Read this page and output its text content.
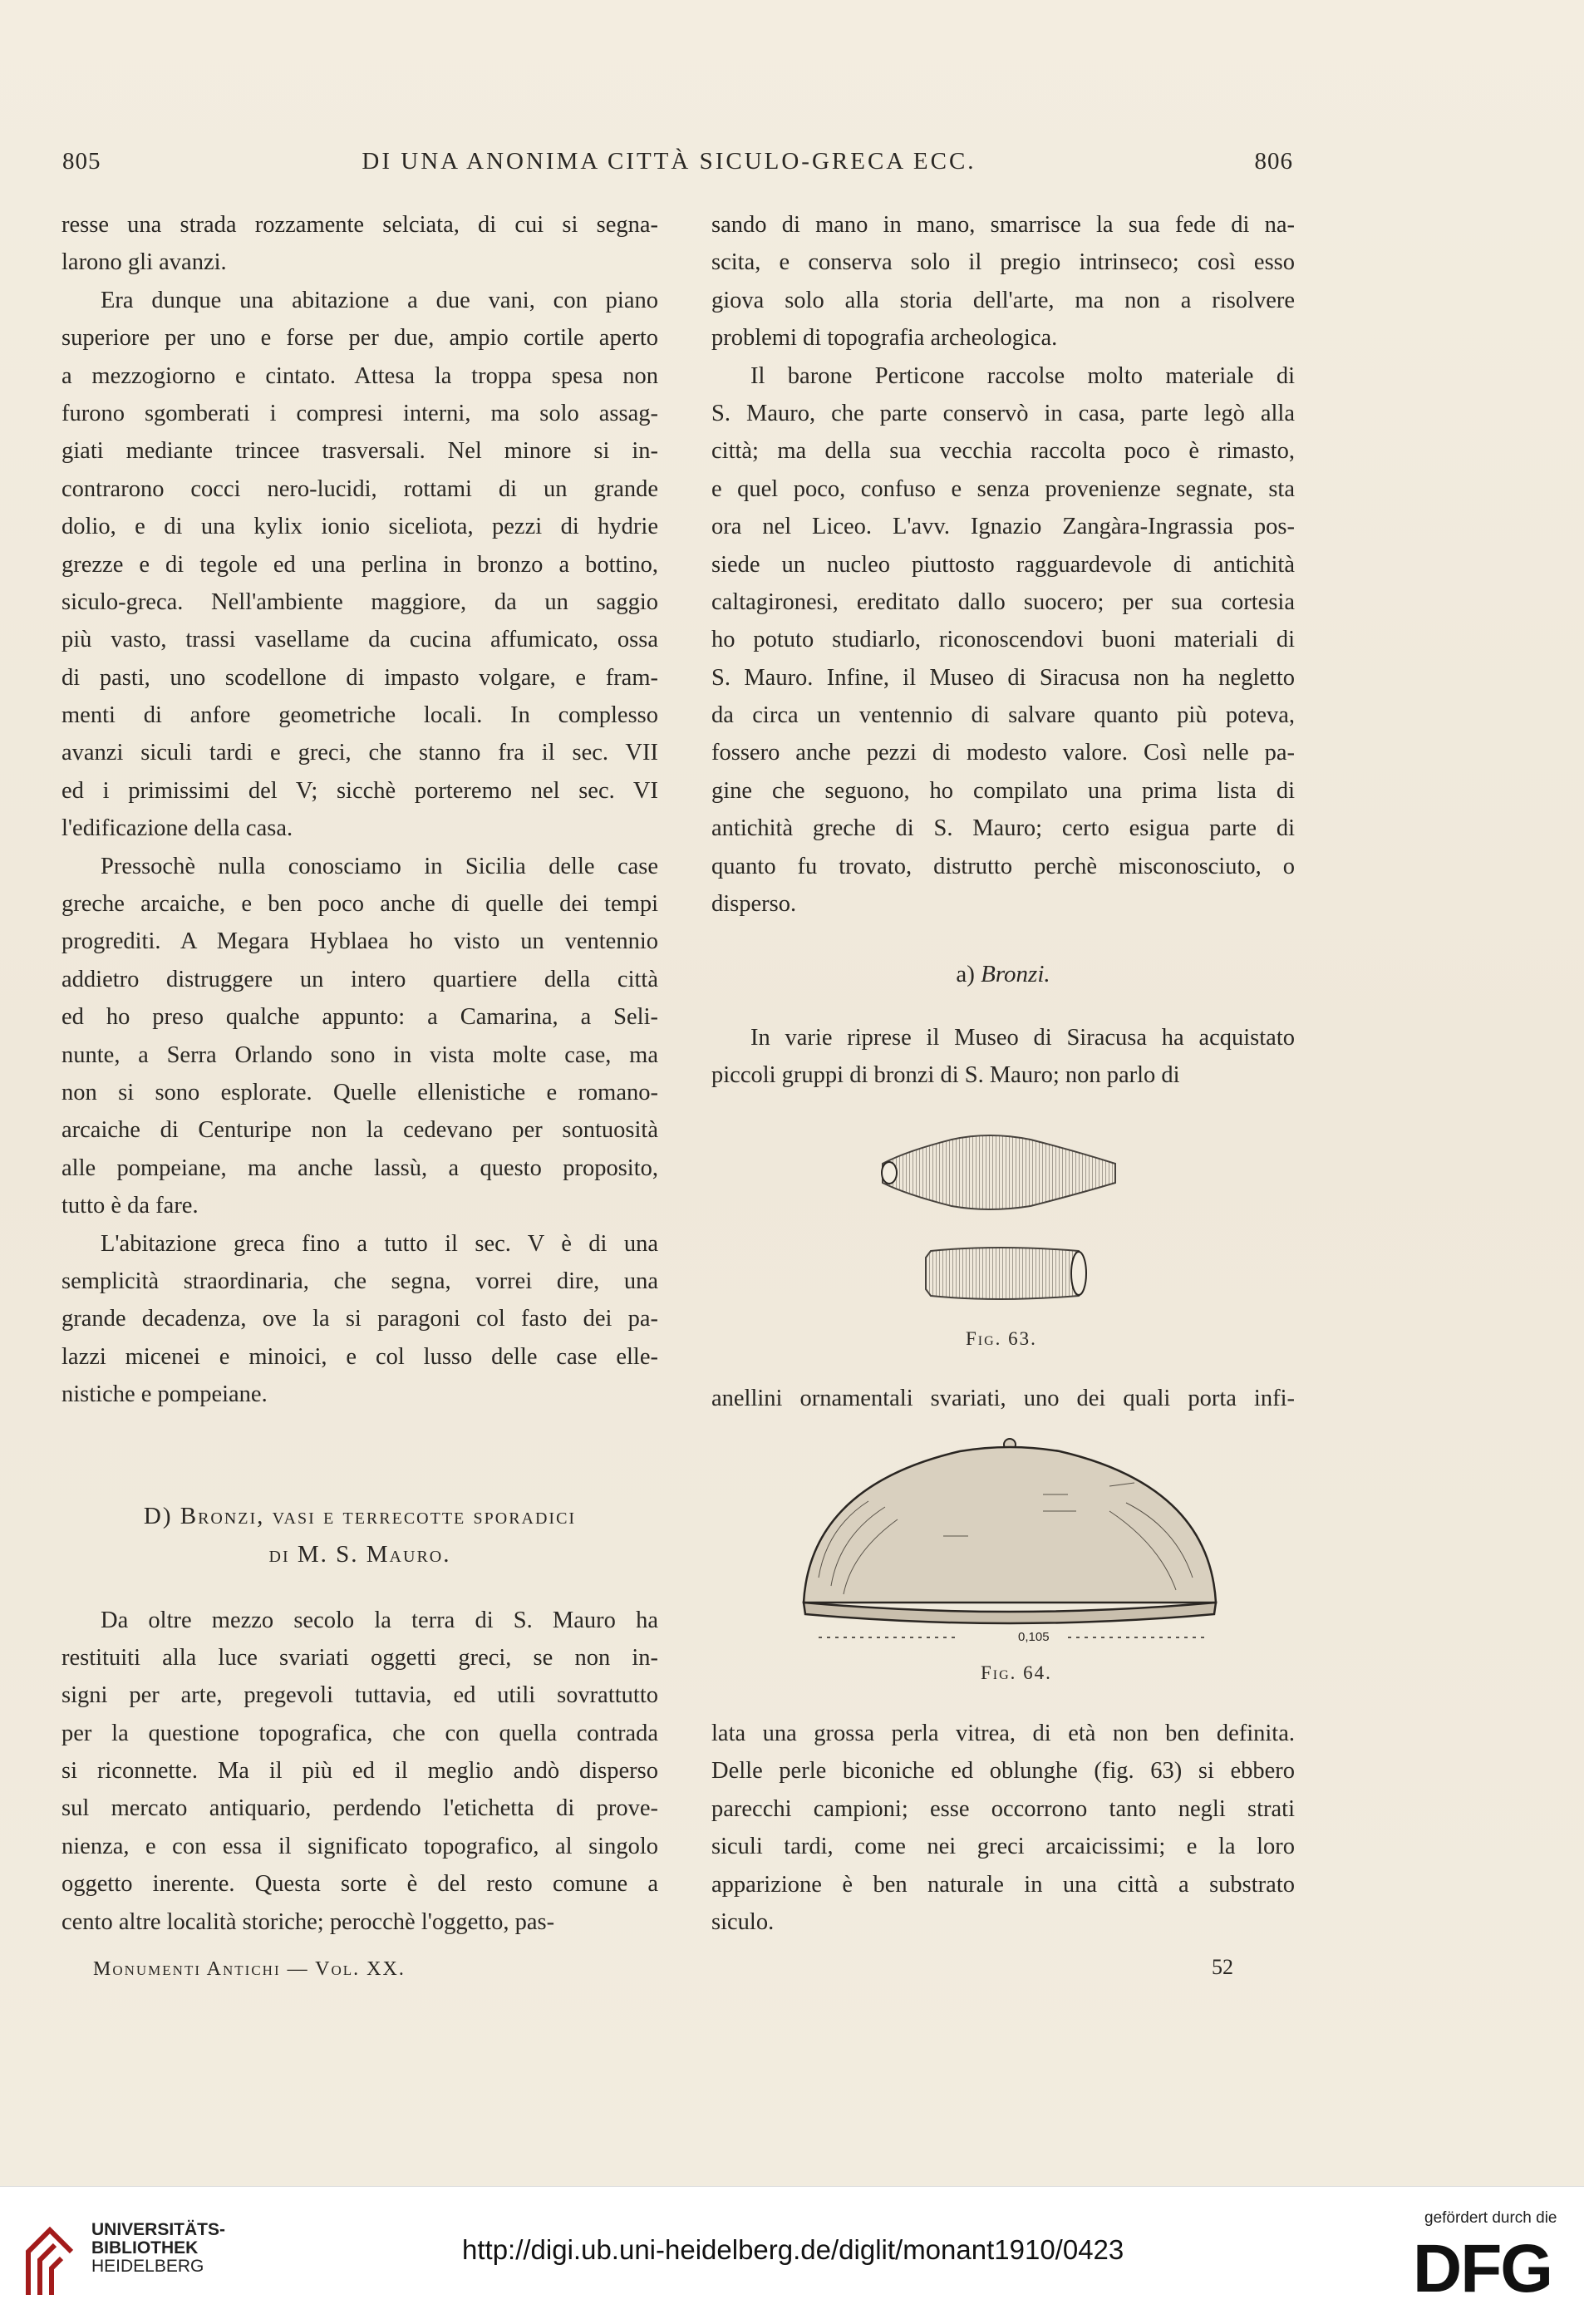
805	DI UNA ANONIMA CITTÀ SICULO-GRECA ECC.	806
resse una strada rozzamente selciata, di cui si segna-
larono gli avanzi.
Era dunque una abitazione a due vani, con piano
superiore per uno e forse per due, ampio cortile aperto
a mezzogiorno e cintato. Attesa la troppa spesa non
furono sgomberati i compresi interni, ma solo assag-
giati mediante trincee trasversali. Nel minore si in-
contrarono cocci nero-lucidi, rottami di un grande
dolio, e di una kylix ionio siceliota, pezzi di hydrie
grezze e di tegole ed una perlina in bronzo a bottino,
siculo-greca. Nell'ambiente maggiore, da un saggio
più vasto, trassi vasellame da cucina affumicato, ossa
di pasti, uno scodellone di impasto volgare, e fram-
menti di anfore geometriche locali. In complesso
avanzi siculi tardi e greci, che stanno fra il sec. VII
ed i primissimi del V; sicchè porteremo nel sec. VI
l'edificazione della casa.
Pressochè nulla conosciamo in Sicilia delle case
greche arcaiche, e ben poco anche di quelle dei tempi
progrediti. A Megara Hyblaea ho visto un ventennio
addietro distruggere un intero quartiere della città
ed ho preso qualche appunto: a Camarina, a Seli-
nunte, a Serra Orlando sono in vista molte case, ma
non si sono esplorate. Quelle ellenistiche e romano-
arcaiche di Centuripe non la cedevano per sontuosità
alle pompeiane, ma anche lassù, a questo proposito,
tutto è da fare.
L'abitazione greca fino a tutto il sec. V è di una
semplicità straordinaria, che segna, vorrei dire, una
grande decadenza, ove la si paragoni col fasto dei pa-
lazzi micenei e minoici, e col lusso delle case elle-
nistiche e pompeiane.
D) Bronzi, vasi e terrecotte sporadici
di M. S. Mauro.
Da oltre mezzo secolo la terra di S. Mauro ha
restituiti alla luce svariati oggetti greci, se non in-
signi per arte, pregevoli tuttavia, ed utili sovrattutto
per la questione topografica, che con quella contrada
si riconnette. Ma il più ed il meglio andò disperso
sul mercato antiquario, perdendo l'etichetta di prove-
nienza, e con essa il significato topografico, al singolo
oggetto inerente. Questa sorte è del resto comune a
cento altre località storiche; perocchè l'oggetto, pas-
sando di mano in mano, smarrisce la sua fede di na-
scita, e conserva solo il pregio intrinseco; così esso
giova solo alla storia dell'arte, ma non a risolvere
problemi di topografia archeologica.
Il barone Perticone raccolse molto materiale di
S. Mauro, che parte conservò in casa, parte legò alla
città; ma della sua vecchia raccolta poco è rimasto,
e quel poco, confuso e senza provenienze segnate, sta
ora nel Liceo. L'avv. Ignazio Zangàra-Ingrassia pos-
siede un nucleo piuttosto ragguardevole di antichità
caltagironesi, ereditato dallo suocero; per sua cortesia
ho potuto studiarlo, riconoscendovi buoni materiali di
S. Mauro. Infine, il Museo di Siracusa non ha negletto
da circa un ventennio di salvare quanto più poteva,
fossero anche pezzi di modesto valore. Così nelle pa-
gine che seguono, ho compilato una prima lista di
antichità greche di S. Mauro; certo esigua parte di
quanto fu trovato, distrutto perchè misconosciuto, o
disperso.
a) Bronzi.
In varie riprese il Museo di Siracusa ha acquistato
piccoli gruppi di bronzi di S. Mauro; non parlo di
Fig. 63.
anellini ornamentali svariati, uno dei quali porta infi-
0,105
Fig. 64.
lata una grossa perla vitrea, di età non ben definita.
Delle perle biconiche ed oblunghe (fig. 63) si ebbero
parecchi campioni; esse occorrono tanto negli strati
siculi tardi, come nei greci arcaicissimi; e la loro
apparizione è ben naturale in una città a substrato
siculo.
Monumenti Antichi — Vol. XX.	52
UNIVERSITÄTS-
BIBLIOTHEK
HEIDELBERG
http://digi.ub.uni-heidelberg.de/diglit/monant1910/0423
gefördert durch die
DFG
